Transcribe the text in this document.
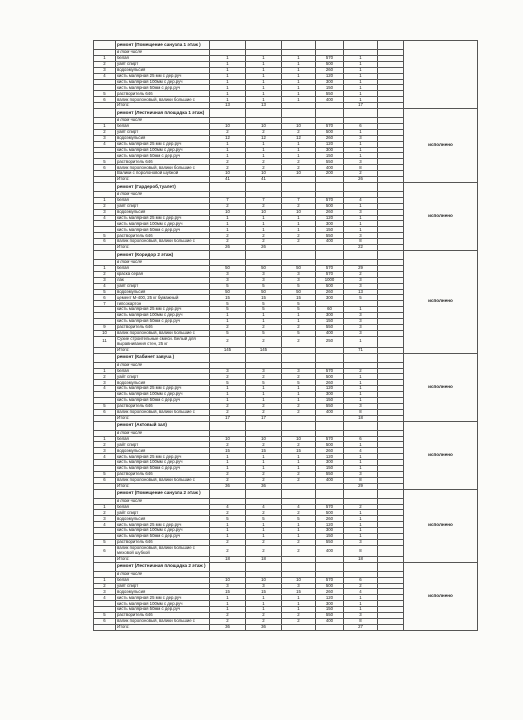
	ремонт (Помещение санузла 1 этаж )							
	в том числе							
1	белая	1	1	1	570	1		
2	уайт спирт	1	1	1	500	1		
3	водоэмульсия	1	1	1	260	1		
4	кисть малярная 25 мм с дер.руч	1	1	1	120	1		
	кисть малярная 100мм с дер.руч	1	1	1	300	1		
	кисть малярная 50мм с дер.руч	1	1	1	150	1		
5	растворитель 646	1	1	1	550	1		
6	валик поролоновый, валики большие с	1	1	1	400	1		
	Итого:	13	13			17		
	ремонт (Лестничная площадка 1 этаж)							исполнено
	в том числе							
1	белая	10	10	10	570	6		
2	уайт спирт	2	2	2	500	1		
3	водоэмульсия	12	12	12	260	3		
4	кисть малярная 25 мм с дер.руч	1	1	1	120	1		
	кисть малярная 100мм с дер.руч	1	1	1	300	1		
	кисть малярная 50мм с дер.руч	1	1	1	150	1		
5	растворитель 646	2	2	2	550	3		
6	валик поролоновый, валики большие с	2	2	2	400	8		
	Валики с поролоновой шубкой	10	10	10	200	2		
	Итого:	41	41			26		
	ремонт (Гардероб,туалет)							исполнено
	в том числе							
1	белая	7	7	7	570	4		
2	уайт спирт	2	2	2	500	1		
3	водоэмульсия	10	10	10	260	3		
4	кисть малярная 25 мм с дер.руч	1	1	1	120	1		
	кисть малярная 100мм с дер.руч	1	1	1	300	1		
	кисть малярная 50мм с дер.руч	1	1	1	150	1		
5	растворитель 646	2	2	2	550	3		
6	валик поролоновый, валики большие с	2	2	2	400	8		
	Итого:	26	26			22		
	ремонт (Коридор 2 этаж)							исполнено
	в том числе							
1	белая	50	50	50	570	29		
2	краска серая	3	3	3	570	2		
3	лак	3	3	3	1000	3		
4	уайт спирт	5	5	5	500	3		
5	водоэмульсия	50	50	50	260	13		
6	цемент М-400, 25 кг бумажный	15	15	15	300	5		
7	гипсокартон	5	5	5				
	кисть малярная 25 мм с дер.руч	5	5	5	60	1		
	кисть малярная 100мм с дер.руч	1	1	1	300	3		
	кисть малярная 50мм с дер.руч	1	1	1	150	3		
9	растворитель 646	2	2	2	550	3		
10	валик поролоновый, валики большие с	5	5	5	400	3		
11	Сухие строительные смеси. Белый для выравнивания стен, 25 кг	2	2	2	250	1		
	Итого:	145	145			71		
	ремонт (Кабинет завуча )							исполнено
	в том числе							
1	белая	3	3	3	570	2		
2	уайт спирт	2	2	2	500	1		
3	водоэмульсия	5	5	5	260	1		
4	кисть малярная 25 мм с дер.руч	1	1	1	120	1		
	кисть малярная 100мм с дер.руч	1	1	1	300	1		
	кисть малярная 50мм с дер.руч	1	1	1	150	1		
5	растворитель 646	2	2	2	550	3		
6	валик поролоновый, валики большие с	2	2	2	400	8		
	Итого:	17	17			18		
	ремонт (Актовый зал)							исполнено
	в том числе							
1	белая	10	10	10	570	6		
2	уайт спирт	2	2	2	500	1		
3	водоэмульсия	15	15	15	260	4		
4	кисть малярная 25 мм с дер.руч	1	1	1	120	1		
	кисть малярная 100мм с дер.руч	1	1	1	300	1		
	кисть малярная 50мм с дер.руч	1	1	1	150	1		
5	растворитель 646	2	2	2	550	3		
6	валик поролоновый, валики большие с	2	2	2	400	8		
	Итого:	36	36			29		
	ремонт (Помещение санузла 2 этаж )							исполнено
	в том числе							
1	белая	4	4	4	570	2		
2	уайт спирт	2	2	2	500	1		
3	водоэмульсия	5	5	5	260	1		
4	кисть малярная 25 мм с дер.руч	1	1	1	120	1		
	кисть малярная 100мм с дер.руч	1	1	1	300	1		
	кисть малярная 50мм с дер.руч	1	1	1	150	1		
5	растворитель 646	2	2	2	550	3		
6	валик поролоновый, валики большие с меховой шубкой	2	2	2	400	8		
	Итого:	18	18			18		
	ремонт (Лестничная площадка 2 этаж )							исполнено
	в том числе							
1	белая	10	10	10	570	6		
2	уайт спирт	3	3	3	500	2		
3	водоэмульсия	15	15	15	260	4		
4	кисть малярная 25 мм с дер.руч	1	1	1	120	1		
	кисть малярная 100мм с дер.руч	1	1	1	300	1		
	кисть малярная 50мм с дер.руч	1	1	1	150	1		
5	растворитель 646	2	2	2	550	3		
6	валик поролоновый, валики большие с	2	2	2	400	8		
	Итого:	36	36			27		
